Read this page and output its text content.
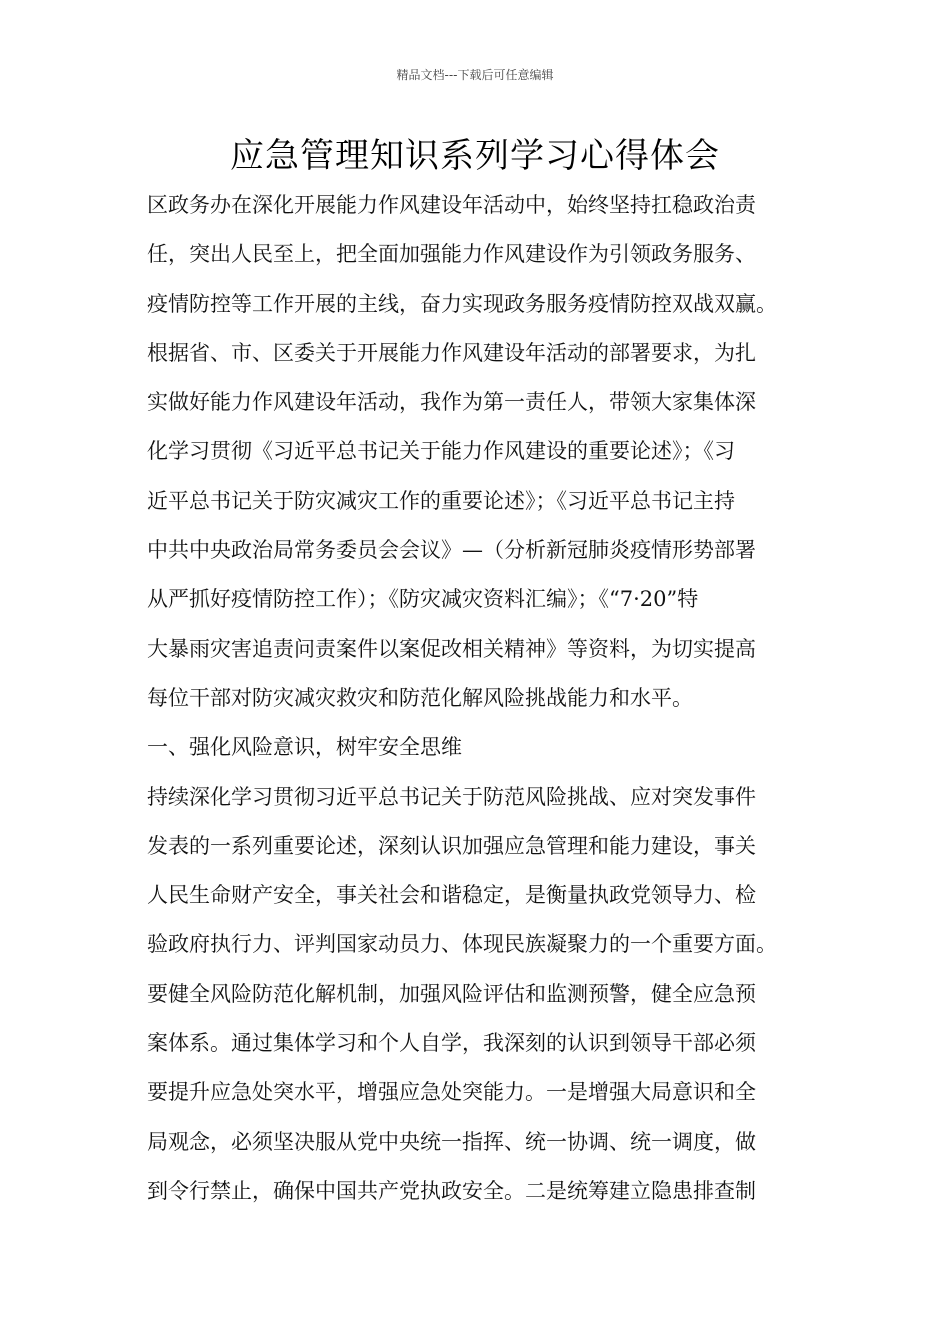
精品文档---下载后可任意编辑
应急管理知识系列学习心得体会
区政务办在深化开展能力作风建设年活动中，始终坚持扛稳政治责
任，突出人民至上，把全面加强能力作风建设作为引领政务服务、
疫情防控等工作开展的主线，奋力实现政务服务疫情防控双战双赢。
根据省、市、区委关于开展能力作风建设年活动的部署要求，为扎
实做好能力作风建设年活动，我作为第一责任人，带领大家集体深
化学习贯彻《习近平总书记关于能力作风建设的重要论述》；《习
近平总书记关于防灾减灾工作的重要论述》；《习近平总书记主持
中共中央政治局常务委员会会议》—（分析新冠肺炎疫情形势部署
从严抓好疫情防控工作）；《防灾减灾资料汇编》；《“7·20”特
大暴雨灾害追责问责案件以案促改相关精神》等资料，为切实提高
每位干部对防灾减灾救灾和防范化解风险挑战能力和水平。
一、强化风险意识，树牢安全思维
持续深化学习贯彻习近平总书记关于防范风险挑战、应对突发事件
发表的一系列重要论述，深刻认识加强应急管理和能力建设，事关
人民生命财产安全，事关社会和谐稳定，是衡量执政党领导力、检
验政府执行力、评判国家动员力、体现民族凝聚力的一个重要方面。
要健全风险防范化解机制，加强风险评估和监测预警，健全应急预
案体系。通过集体学习和个人自学，我深刻的认识到领导干部必须
要提升应急处突水平，增强应急处突能力。一是增强大局意识和全
局观念，必须坚决服从党中央统一指挥、统一协调、统一调度，做
到令行禁止，确保中国共产党执政安全。二是统筹建立隐患排查制
